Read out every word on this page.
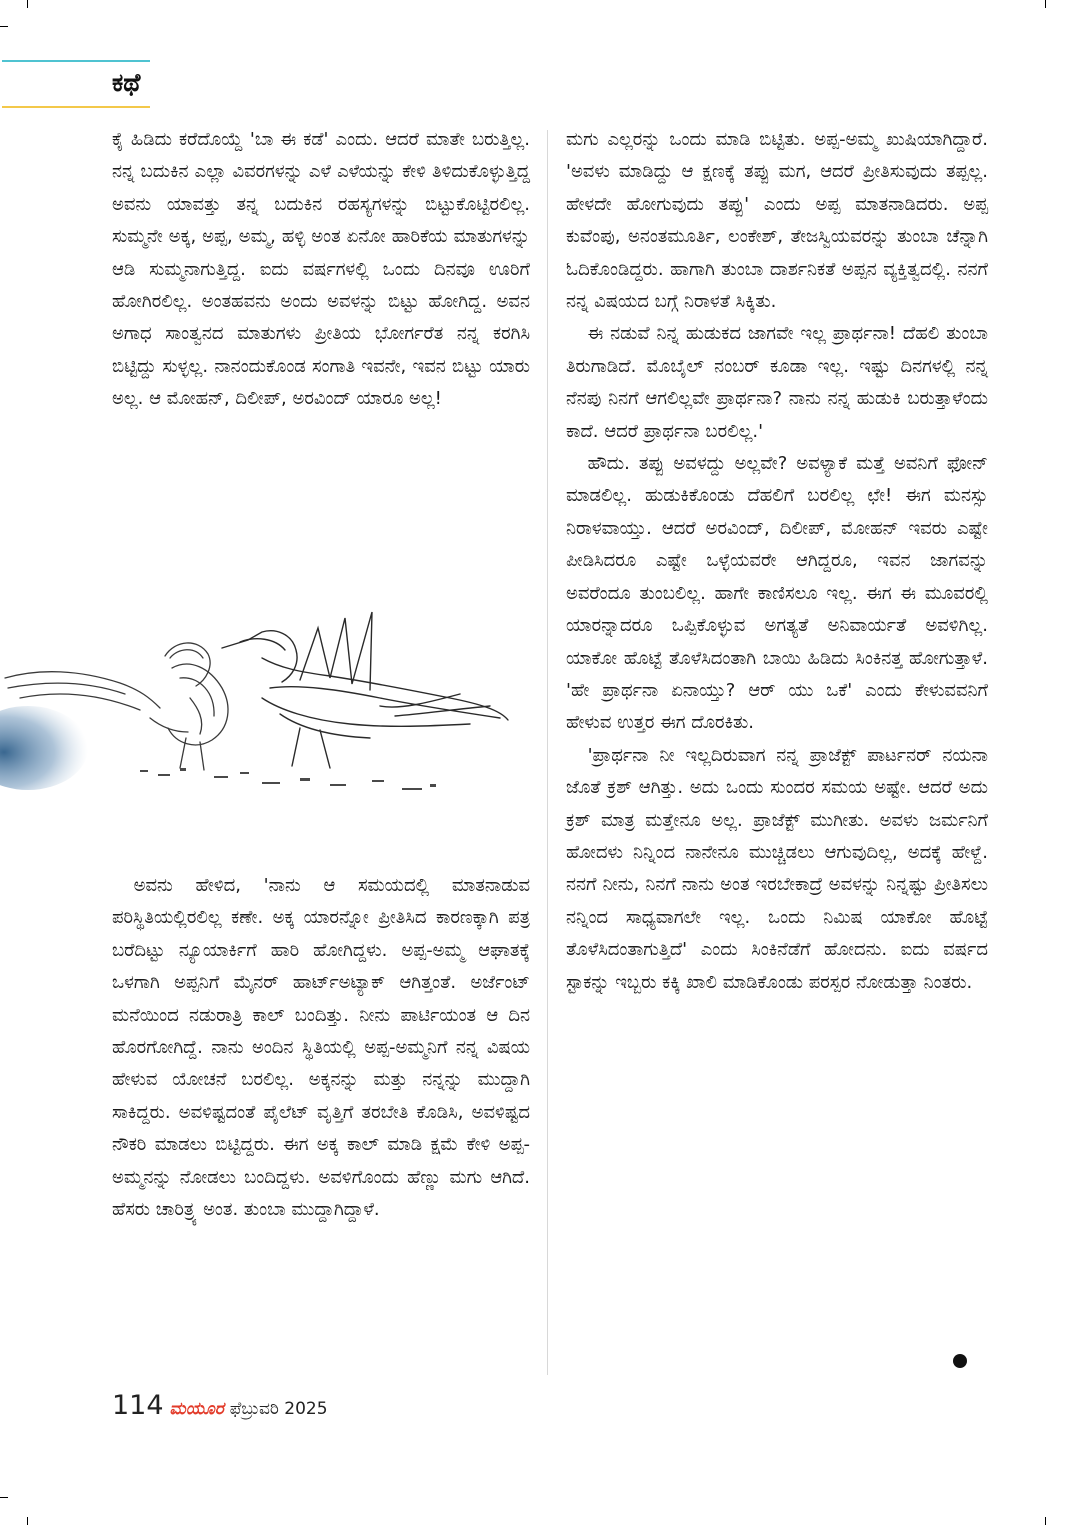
ಕಥೆ

ಕೈ ಹಿಡಿದು ಕರೆದೊಯ್ದೆ 'ಬಾ ಈ ಕಡೆ' ಎಂದು. ಆದರೆ ಮಾತೇ ಬರುತ್ತಿಲ್ಲ. ನನ್ನ ಬದುಕಿನ ಎಲ್ಲಾ ವಿವರಗಳನ್ನು ಎಳೆ ಎಳೆಯನ್ನು ಕೇಳಿ ತಿಳಿದುಕೊಳ್ಳುತ್ತಿದ್ದ ಅವನು ಯಾವತ್ತು ತನ್ನ ಬದುಕಿನ ರಹಸ್ಯಗಳನ್ನು ಬಿಟ್ಟುಕೊಟ್ಟಿರಲಿಲ್ಲ. ಸುಮ್ಮನೇ ಅಕ್ಕ, ಅಪ್ಪ, ಅಮ್ಮ, ಹಳ್ಳಿ ಅಂತ ಏನೋ ಹಾರಿಕೆಯ ಮಾತುಗಳನ್ನು ಆಡಿ ಸುಮ್ಮನಾಗುತ್ತಿದ್ದ. ಐದು ವರ್ಷಗಳಲ್ಲಿ ಒಂದು ದಿನವೂ ಊರಿಗೆ ಹೋಗಿರಲಿಲ್ಲ. ಅಂತಹವನು ಅಂದು ಅವಳನ್ನು ಬಿಟ್ಟು ಹೋಗಿದ್ದ. ಅವನ ಅಗಾಧ ಸಾಂತ್ವನದ ಮಾತುಗಳು ಪ್ರೀತಿಯ ಭೋರ್ಗರೆತ ನನ್ನ ಕರಗಿಸಿ ಬಿಟ್ಟಿದ್ದು ಸುಳ್ಳಲ್ಲ. ನಾನಂದುಕೊಂಡ ಸಂಗಾತಿ ಇವನೇ, ಇವನ ಬಿಟ್ಟು ಯಾರು ಅಲ್ಲ. ಆ ಮೋಹನ್, ದಿಲೀಪ್, ಅರವಿಂದ್ ಯಾರೂ ಅಲ್ಲ!

ಅವನು ಹೇಳಿದ, 'ನಾನು ಆ ಸಮಯದಲ್ಲಿ ಮಾತನಾಡುವ ಪರಿಸ್ಥಿತಿಯಲ್ಲಿರಲಿಲ್ಲ ಕಣೇ. ಅಕ್ಕ ಯಾರನ್ನೋ ಪ್ರೀತಿಸಿದ ಕಾರಣಕ್ಕಾಗಿ ಪತ್ರ ಬರೆದಿಟ್ಟು ನ್ಯೂಯಾರ್ಕಿಗೆ ಹಾರಿ ಹೋಗಿದ್ದಳು. ಅಪ್ಪ-ಅಮ್ಮ ಆಘಾತಕ್ಕೆ ಒಳಗಾಗಿ ಅಪ್ಪನಿಗೆ ಮೈನರ್ ಹಾರ್ಟ್‌ಅಟ್ಯಾಕ್ ಆಗಿತ್ತಂತೆ. ಅರ್ಜೆಂಟ್ ಮನೆಯಿಂದ ನಡುರಾತ್ರಿ ಕಾಲ್ ಬಂದಿತ್ತು. ನೀನು ಪಾರ್ಟಿಯಂತ ಆ ದಿನ ಹೊರಗೋಗಿದ್ದೆ. ನಾನು ಅಂದಿನ ಸ್ಥಿತಿಯಲ್ಲಿ ಅಪ್ಪ-ಅಮ್ಮನಿಗೆ ನನ್ನ ವಿಷಯ ಹೇಳುವ ಯೋಚನೆ ಬರಲಿಲ್ಲ. ಅಕ್ಕನನ್ನು ಮತ್ತು ನನ್ನನ್ನು ಮುದ್ದಾಗಿ ಸಾಕಿದ್ದರು. ಅವಳಿಷ್ಟದಂತೆ ಪೈಲೆಟ್ ವೃತ್ತಿಗೆ ತರಬೇತಿ ಕೊಡಿಸಿ, ಅವಳಿಷ್ಟದ ನೌಕರಿ ಮಾಡಲು ಬಿಟ್ಟಿದ್ದರು. ಈಗ ಅಕ್ಕ ಕಾಲ್ ಮಾಡಿ ಕ್ಷಮೆ ಕೇಳಿ ಅಪ್ಪ-ಅಮ್ಮನನ್ನು ನೋಡಲು ಬಂದಿದ್ದಳು. ಅವಳಿಗೊಂದು ಹೆಣ್ಣು ಮಗು ಆಗಿದೆ. ಹೆಸರು ಚಾರಿತ್ರ್ಯ ಅಂತ. ತುಂಬಾ ಮುದ್ದಾಗಿದ್ದಾಳೆ.

ಮಗು ಎಲ್ಲರನ್ನು ಒಂದು ಮಾಡಿ ಬಿಟ್ಟಿತು. ಅಪ್ಪ-ಅಮ್ಮ ಖುಷಿಯಾಗಿದ್ದಾರೆ. 'ಅವಳು ಮಾಡಿದ್ದು ಆ ಕ್ಷಣಕ್ಕೆ ತಪ್ಪು ಮಗ, ಆದರೆ ಪ್ರೀತಿಸುವುದು ತಪ್ಪಲ್ಲ. ಹೇಳದೇ ಹೋಗುವುದು ತಪ್ಪು' ಎಂದು ಅಪ್ಪ ಮಾತನಾಡಿದರು. ಅಪ್ಪ ಕುವೆಂಪು, ಅನಂತಮೂರ್ತಿ, ಲಂಕೇಶ್, ತೇಜಸ್ವಿಯವರನ್ನು ತುಂಬಾ ಚೆನ್ನಾಗಿ ಓದಿಕೊಂಡಿದ್ದರು. ಹಾಗಾಗಿ ತುಂಬಾ ದಾರ್ಶನಿಕತೆ ಅಪ್ಪನ ವ್ಯಕ್ತಿತ್ವದಲ್ಲಿ. ನನಗೆ ನನ್ನ ವಿಷಯದ ಬಗ್ಗೆ ನಿರಾಳತೆ ಸಿಕ್ಕಿತು.

ಈ ನಡುವೆ ನಿನ್ನ ಹುಡುಕದ ಜಾಗವೇ ಇಲ್ಲ ಪ್ರಾರ್ಥನಾ! ದೆಹಲಿ ತುಂಬಾ ತಿರುಗಾಡಿದೆ. ಮೊಬೈಲ್ ನಂಬರ್ ಕೂಡಾ ಇಲ್ಲ. ಇಷ್ಟು ದಿನಗಳಲ್ಲಿ ನನ್ನ ನೆನಪು ನಿನಗೆ ಆಗಲಿಲ್ಲವೇ ಪ್ರಾರ್ಥನಾ? ನಾನು ನನ್ನ ಹುಡುಕಿ ಬರುತ್ತಾಳೆಂದು ಕಾದೆ. ಆದರೆ ಪ್ರಾರ್ಥನಾ ಬರಲಿಲ್ಲ.'

ಹೌದು. ತಪ್ಪು ಅವಳದ್ದು ಅಲ್ಲವೇ? ಅವಳ್ಯಾಕೆ ಮತ್ತೆ ಅವನಿಗೆ ಫೋನ್ ಮಾಡಲಿಲ್ಲ. ಹುಡುಕಿಕೊಂಡು ದೆಹಲಿಗೆ ಬರಲಿಲ್ಲ ಛೇ! ಈಗ ಮನಸ್ಸು ನಿರಾಳವಾಯ್ತು. ಆದರೆ ಅರವಿಂದ್, ದಿಲೀಪ್, ಮೋಹನ್ ಇವರು ಎಷ್ಟೇ ಪೀಡಿಸಿದರೂ ಎಷ್ಟೇ ಒಳ್ಳೆಯವರೇ ಆಗಿದ್ದರೂ, ಇವನ ಜಾಗವನ್ನು ಅವರೆಂದೂ ತುಂಬಲಿಲ್ಲ. ಹಾಗೇ ಕಾಣಿಸಲೂ ಇಲ್ಲ. ಈಗ ಈ ಮೂವರಲ್ಲಿ ಯಾರನ್ನಾದರೂ ಒಪ್ಪಿಕೊಳ್ಳುವ ಅಗತ್ಯತೆ ಅನಿವಾರ್ಯತೆ ಅವಳಿಗಿಲ್ಲ. ಯಾಕೋ ಹೊಟ್ಟೆ ತೊಳೆಸಿದಂತಾಗಿ ಬಾಯಿ ಹಿಡಿದು ಸಿಂಕಿನತ್ತ ಹೋಗುತ್ತಾಳೆ. 'ಹೇ ಪ್ರಾರ್ಥನಾ ಏನಾಯ್ತು? ಆರ್ ಯು ಒಕೆ' ಎಂದು ಕೇಳುವವನಿಗೆ ಹೇಳುವ ಉತ್ತರ ಈಗ ದೊರಕಿತು.

'ಪ್ರಾರ್ಥನಾ ನೀ ಇಲ್ಲದಿರುವಾಗ ನನ್ನ ಪ್ರಾಜೆಕ್ಟ್ ಪಾರ್ಟನರ್ ನಯನಾ ಜೊತೆ ಕ್ರಶ್ ಆಗಿತ್ತು. ಅದು ಒಂದು ಸುಂದರ ಸಮಯ ಅಷ್ಟೇ. ಆದರೆ ಅದು ಕ್ರಶ್ ಮಾತ್ರ ಮತ್ತೇನೂ ಅಲ್ಲ. ಪ್ರಾಜೆಕ್ಟ್ ಮುಗೀತು. ಅವಳು ಜರ್ಮನಿಗೆ ಹೋದಳು ನಿನ್ನಿಂದ ನಾನೇನೂ ಮುಚ್ಚಿಡಲು ಆಗುವುದಿಲ್ಲ, ಅದಕ್ಕೆ ಹೇಳ್ದೆ. ನನಗೆ ನೀನು, ನಿನಗೆ ನಾನು ಅಂತ ಇರಬೇಕಾದ್ರೆ ಅವಳನ್ನು ನಿನ್ನಷ್ಟು ಪ್ರೀತಿಸಲು ನನ್ನಿಂದ ಸಾಧ್ಯವಾಗಲೇ ಇಲ್ಲ. ಒಂದು ನಿಮಿಷ ಯಾಕೋ ಹೊಟ್ಟೆ ತೊಳೆಸಿದಂತಾಗುತ್ತಿದೆ' ಎಂದು ಸಿಂಕಿನೆಡೆಗೆ ಹೋದನು. ಐದು ವರ್ಷದ ಸ್ಟಾಕನ್ನು ಇಬ್ಬರು ಕಕ್ಕಿ ಖಾಲಿ ಮಾಡಿಕೊಂಡು ಪರಸ್ಪರ ನೋಡುತ್ತಾ ನಿಂತರು.

114 ಮಯೂರ ಫೆಬ್ರುವರಿ 2025
